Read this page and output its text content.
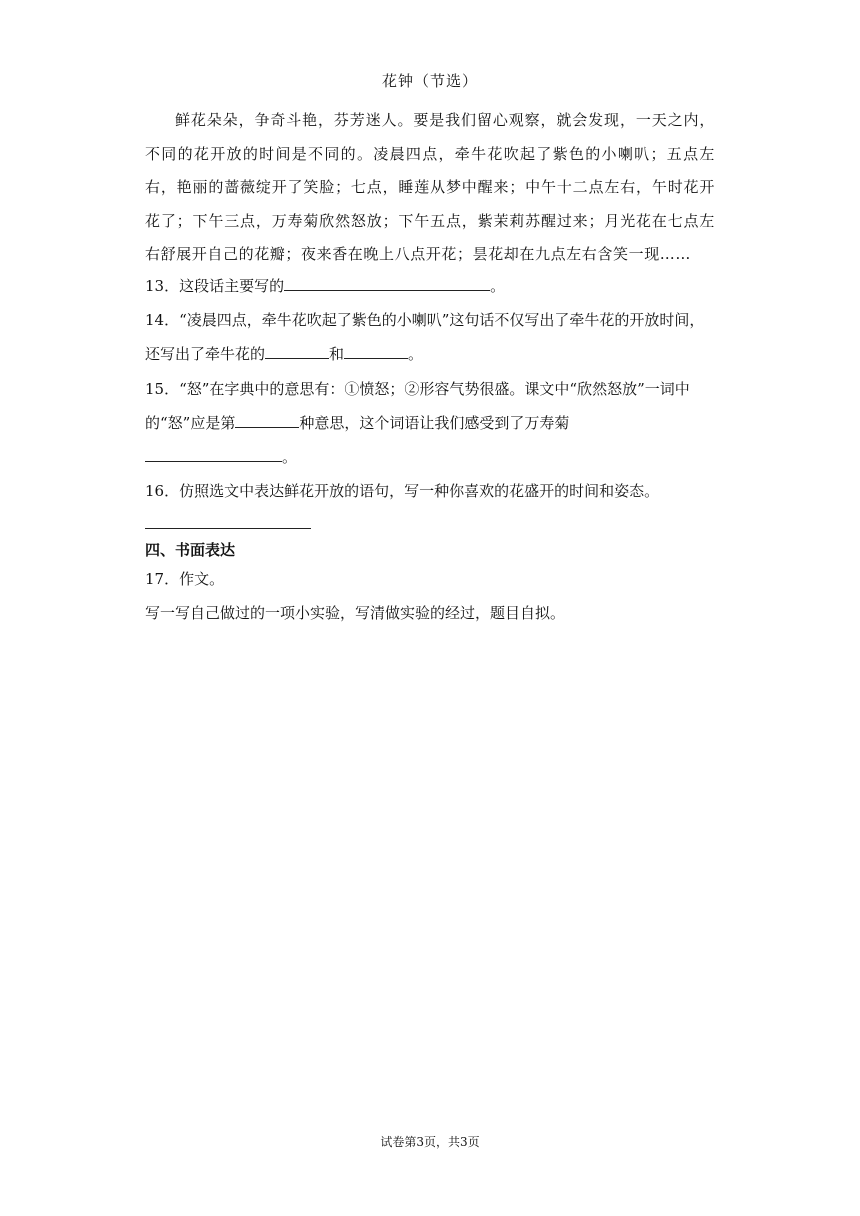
花钟（节选）

鲜花朵朵，争奇斗艳，芬芳迷人。要是我们留心观察，就会发现，一天之内，不同的花开放的时间是不同的。凌晨四点，牵牛花吹起了紫色的小喇叭；五点左右，艳丽的蔷薇绽开了笑脸；七点，睡莲从梦中醒来；中午十二点左右，午时花开花了；下午三点，万寿菊欣然怒放；下午五点，紫茉莉苏醒过来；月光花在七点左右舒展开自己的花瓣；夜来香在晚上八点开花；昙花却在九点左右含笑一现……

13．这段话主要写的	。

14．“凌晨四点，牵牛花吹起了紫色的小喇叭”这句话不仅写出了牵牛花的开放时间，

还写出了牵牛花的	和	。

15．“怒”在字典中的意思有：①愤怒；②形容气势很盛。课文中“欣然怒放”一词中

的“怒”应是第	种意思，这个词语让我们感受到了万寿菊

。

16．仿照选文中表达鲜花开放的语句，写一种你喜欢的花盛开的时间和姿态。

四、书面表达

17．作文。

写一写自己做过的一项小实验，写清做实验的经过，题目自拟。

试卷第3页，共3页
